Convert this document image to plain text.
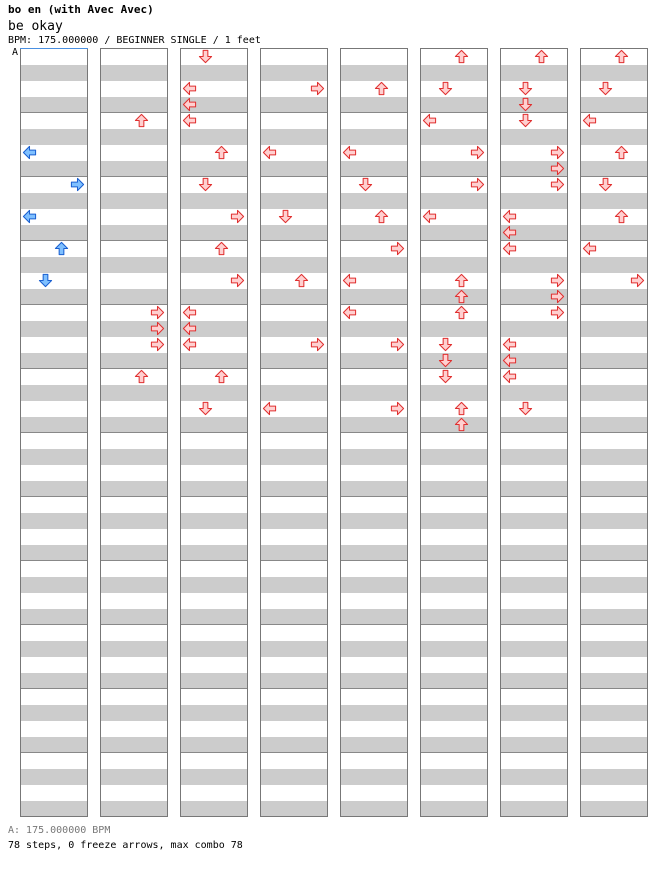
bo en (with Avec Avec)
be okay
BPM: 175.000000 / BEGINNER SINGLE / 1 feet
A
A: 175.000000 BPM
78 steps, 0 freeze arrows, max combo 78
